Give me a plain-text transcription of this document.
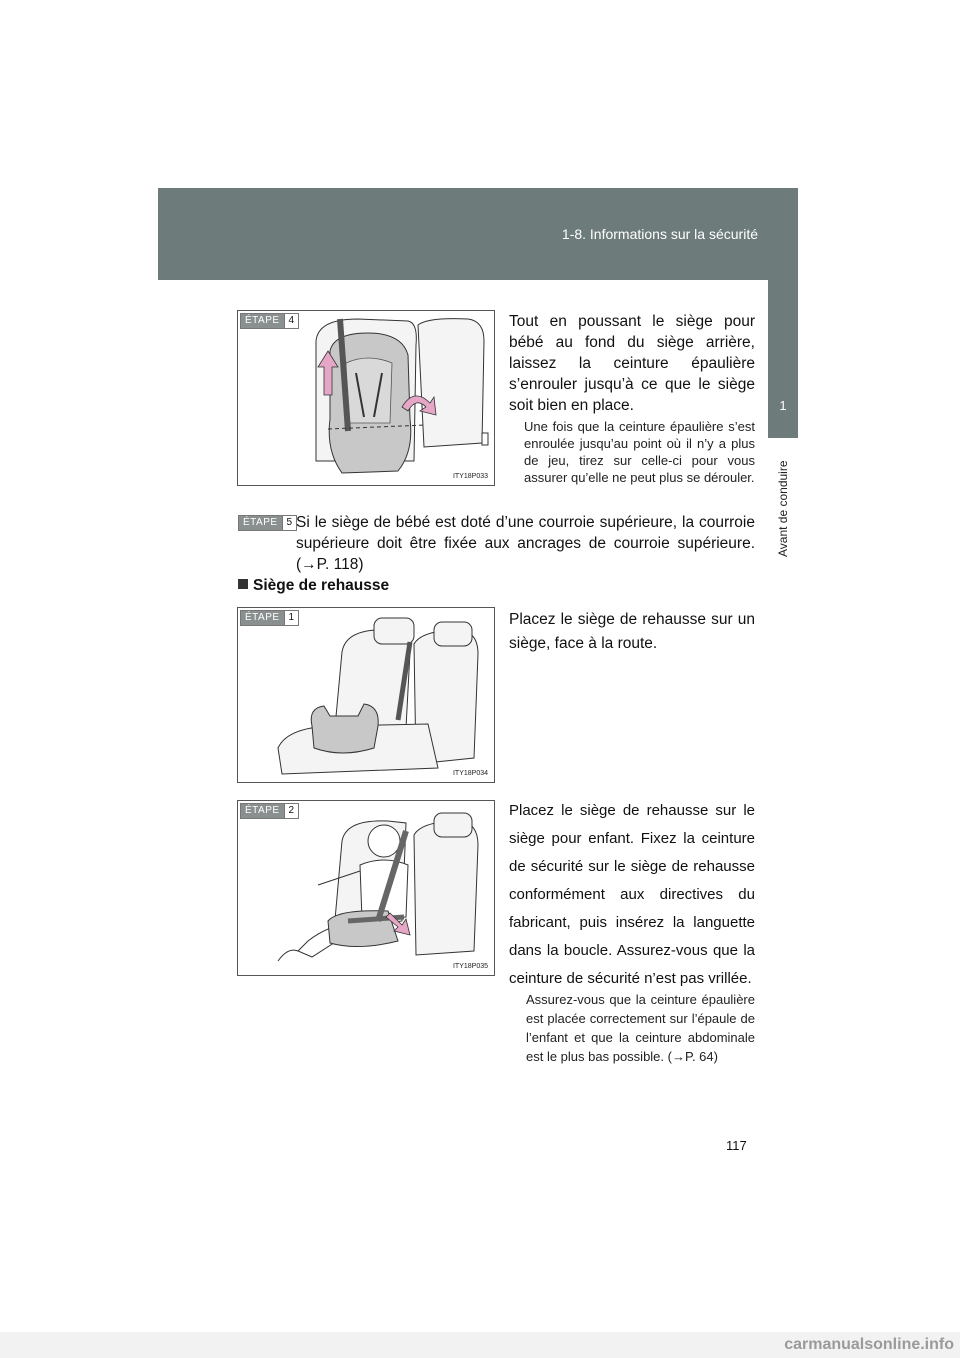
1-8. Informations sur la sécurité
1
Avant de conduire
ÉTAPE 4
ITY18P033

Tout en poussant le siège pour bébé au fond du siège arrière, laissez la ceinture épaulière s’enrouler jusqu’à ce que le siège soit bien en place.

Une fois que la ceinture épaulière s’est enroulée jusqu’au point où il n’y a plus de jeu, tirez sur celle-ci pour vous assurer qu’elle ne peut plus se dérouler.

ÉTAPE 5 Si le siège de bébé est doté d’une courroie supérieure, la courroie supérieure doit être fixée aux ancrages de courroie supérieure. (→P. 118)

Siège de rehausse
ÉTAPE 1
ITY18P034

Placez le siège de rehausse sur un siège, face à la route.

ÉTAPE 2
ITY18P035

Placez le siège de rehausse sur le siège pour enfant. Fixez la ceinture de sécurité sur le siège de rehausse conformément aux directives du fabricant, puis insérez la languette dans la boucle. Assurez-vous que la ceinture de sécurité n’est pas vrillée.

Assurez-vous que la ceinture épaulière est placée correctement sur l’épaule de l’enfant et que la ceinture abdominale est le plus bas possible. (→P. 64)

117
carmanualsonline.info
